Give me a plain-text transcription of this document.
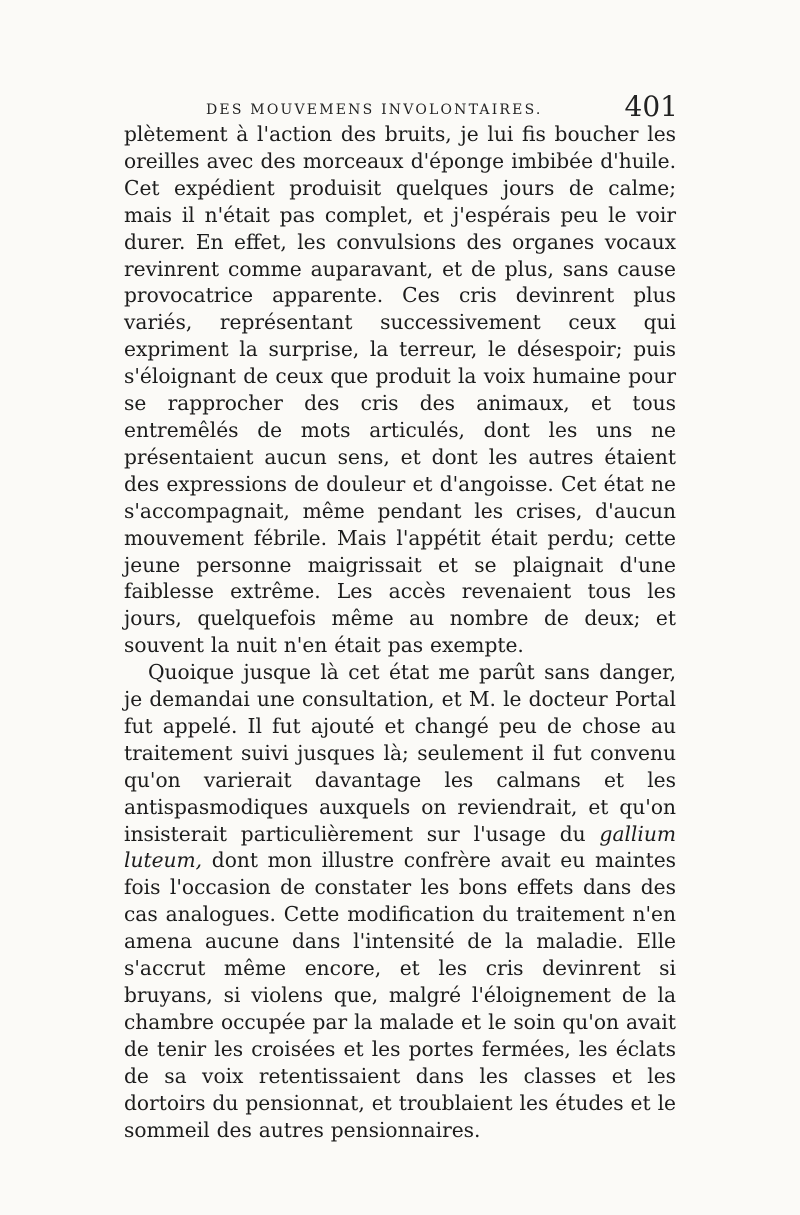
DES MOUVEMENS INVOLONTAIRES.	401

plètement à l'action des bruits, je lui fis boucher les oreilles avec des morceaux d'éponge imbibée d'huile. Cet expédient produisit quelques jours de calme; mais il n'était pas complet, et j'espérais peu le voir durer. En effet, les convulsions des organes vocaux revinrent comme auparavant, et de plus, sans cause provocatrice apparente. Ces cris devinrent plus variés, représentant successivement ceux qui expriment la surprise, la terreur, le désespoir; puis s'éloignant de ceux que produit la voix humaine pour se rapprocher des cris des animaux, et tous entremêlés de mots articulés, dont les uns ne présentaient aucun sens, et dont les autres étaient des expressions de douleur et d'angoisse. Cet état ne s'accompagnait, même pendant les crises, d'aucun mouvement fébrile. Mais l'appétit était perdu; cette jeune personne maigrissait et se plaignait d'une faiblesse extrême. Les accès revenaient tous les jours, quelquefois même au nombre de deux; et souvent la nuit n'en était pas exempte.

Quoique jusque là cet état me parût sans danger, je demandai une consultation, et M. le docteur Portal fut appelé. Il fut ajouté et changé peu de chose au traitement suivi jusques là; seulement il fut convenu qu'on varierait davantage les calmans et les antispasmodiques auxquels on reviendrait, et qu'on insisterait particulièrement sur l'usage du gallium luteum, dont mon illustre confrère avait eu maintes fois l'occasion de constater les bons effets dans des cas analogues. Cette modification du traitement n'en amena aucune dans l'intensité de la maladie. Elle s'accrut même encore, et les cris devinrent si bruyans, si violens que, malgré l'éloignement de la chambre occupée par la malade et le soin qu'on avait de tenir les croisées et les portes fermées, les éclats de sa voix retentissaient dans les classes et les dortoirs du pensionnat, et troublaient les études et le sommeil des autres pensionnaires.
